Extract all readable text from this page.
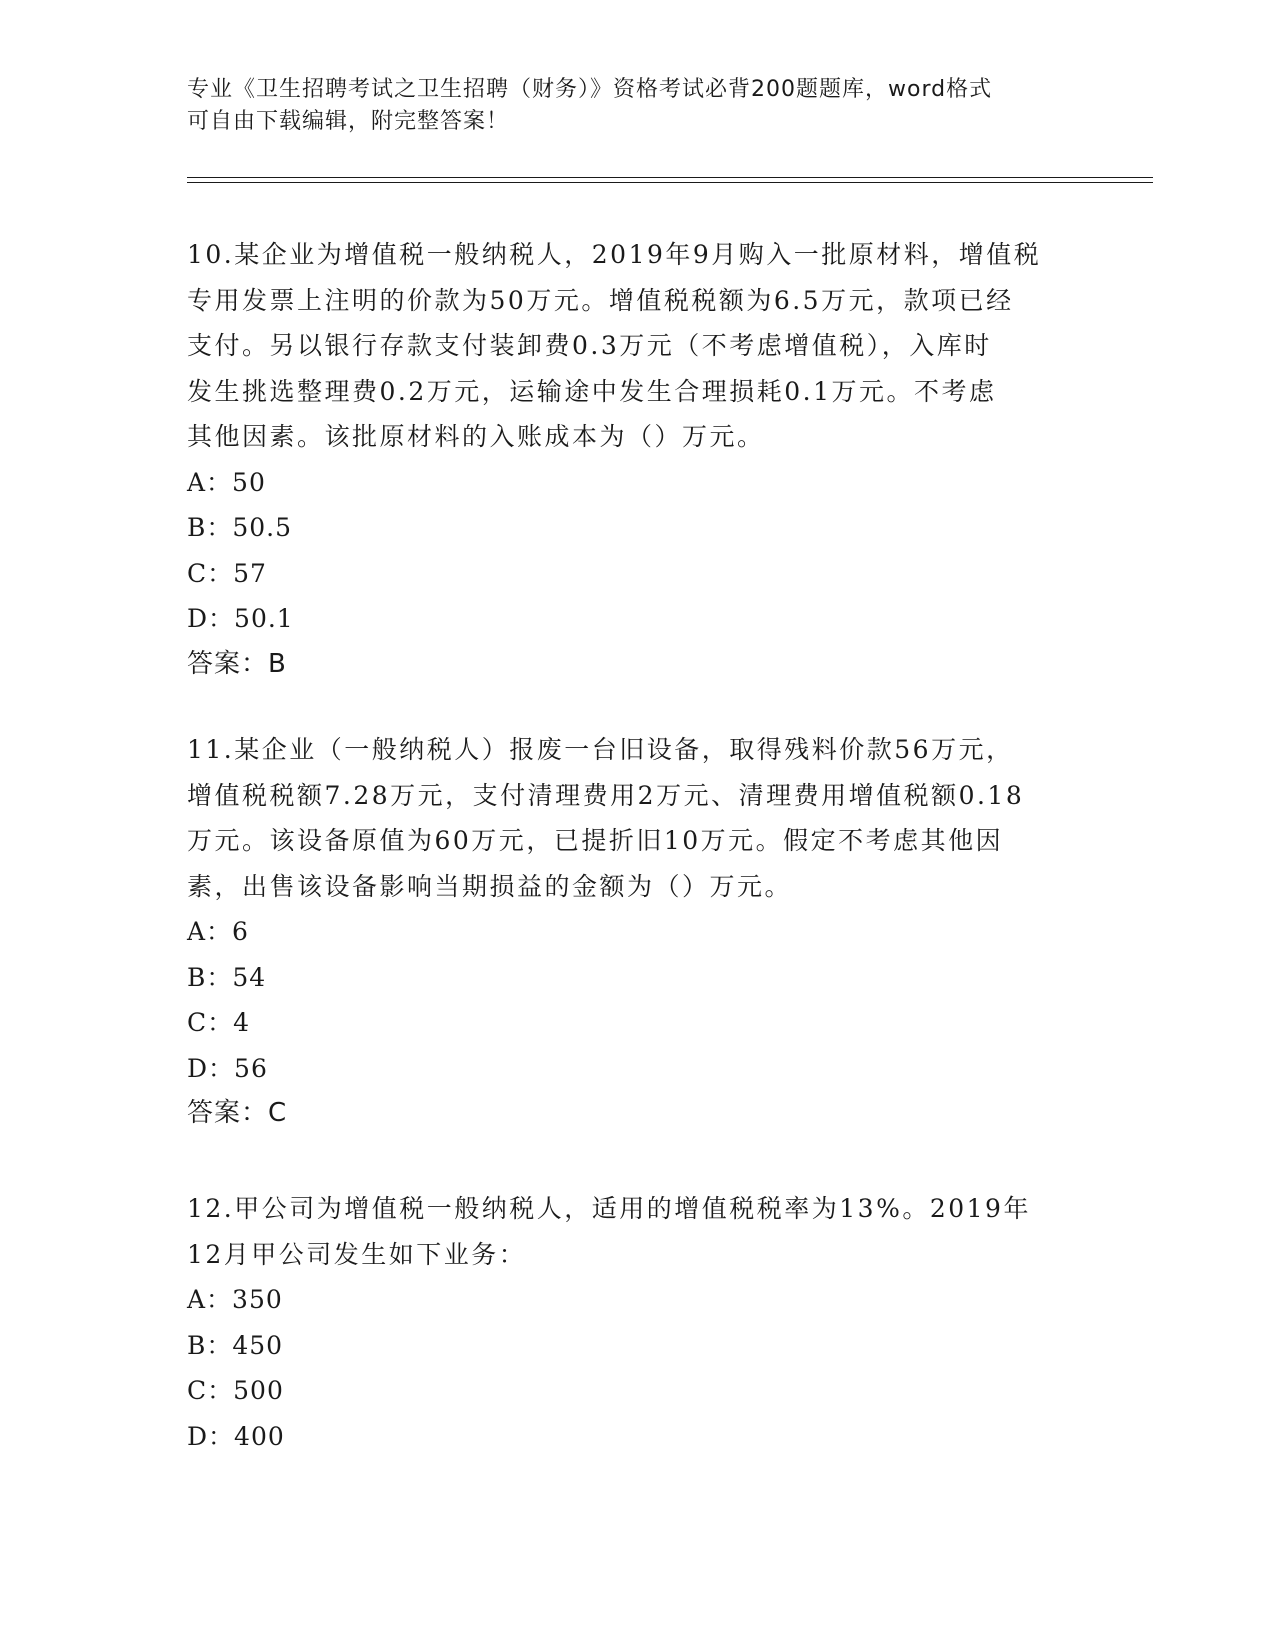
专业《卫生招聘考试之卫生招聘（财务）》资格考试必背200题题库，word格式
可自由下载编辑，附完整答案！
10.某企业为增值税一般纳税人，2019年9月购入一批原材料，增值税
专用发票上注明的价款为50万元。增值税税额为6.5万元，款项已经
支付。另以银行存款支付装卸费0.3万元（不考虑增值税），入库时
发生挑选整理费0.2万元，运输途中发生合理损耗0.1万元。不考虑
其他因素。该批原材料的入账成本为（）万元。
A：50
B：50.5
C：57
D：50.1
答案：B
11.某企业（一般纳税人）报废一台旧设备，取得残料价款56万元，
增值税税额7.28万元，支付清理费用2万元、清理费用增值税额0.18
万元。该设备原值为60万元，已提折旧10万元。假定不考虑其他因
素，出售该设备影响当期损益的金额为（）万元。
A：6
B：54
C：4
D：56
答案：C
12.甲公司为增值税一般纳税人，适用的增值税税率为13%。2019年
12月甲公司发生如下业务：
A：350
B：450
C：500
D：400
